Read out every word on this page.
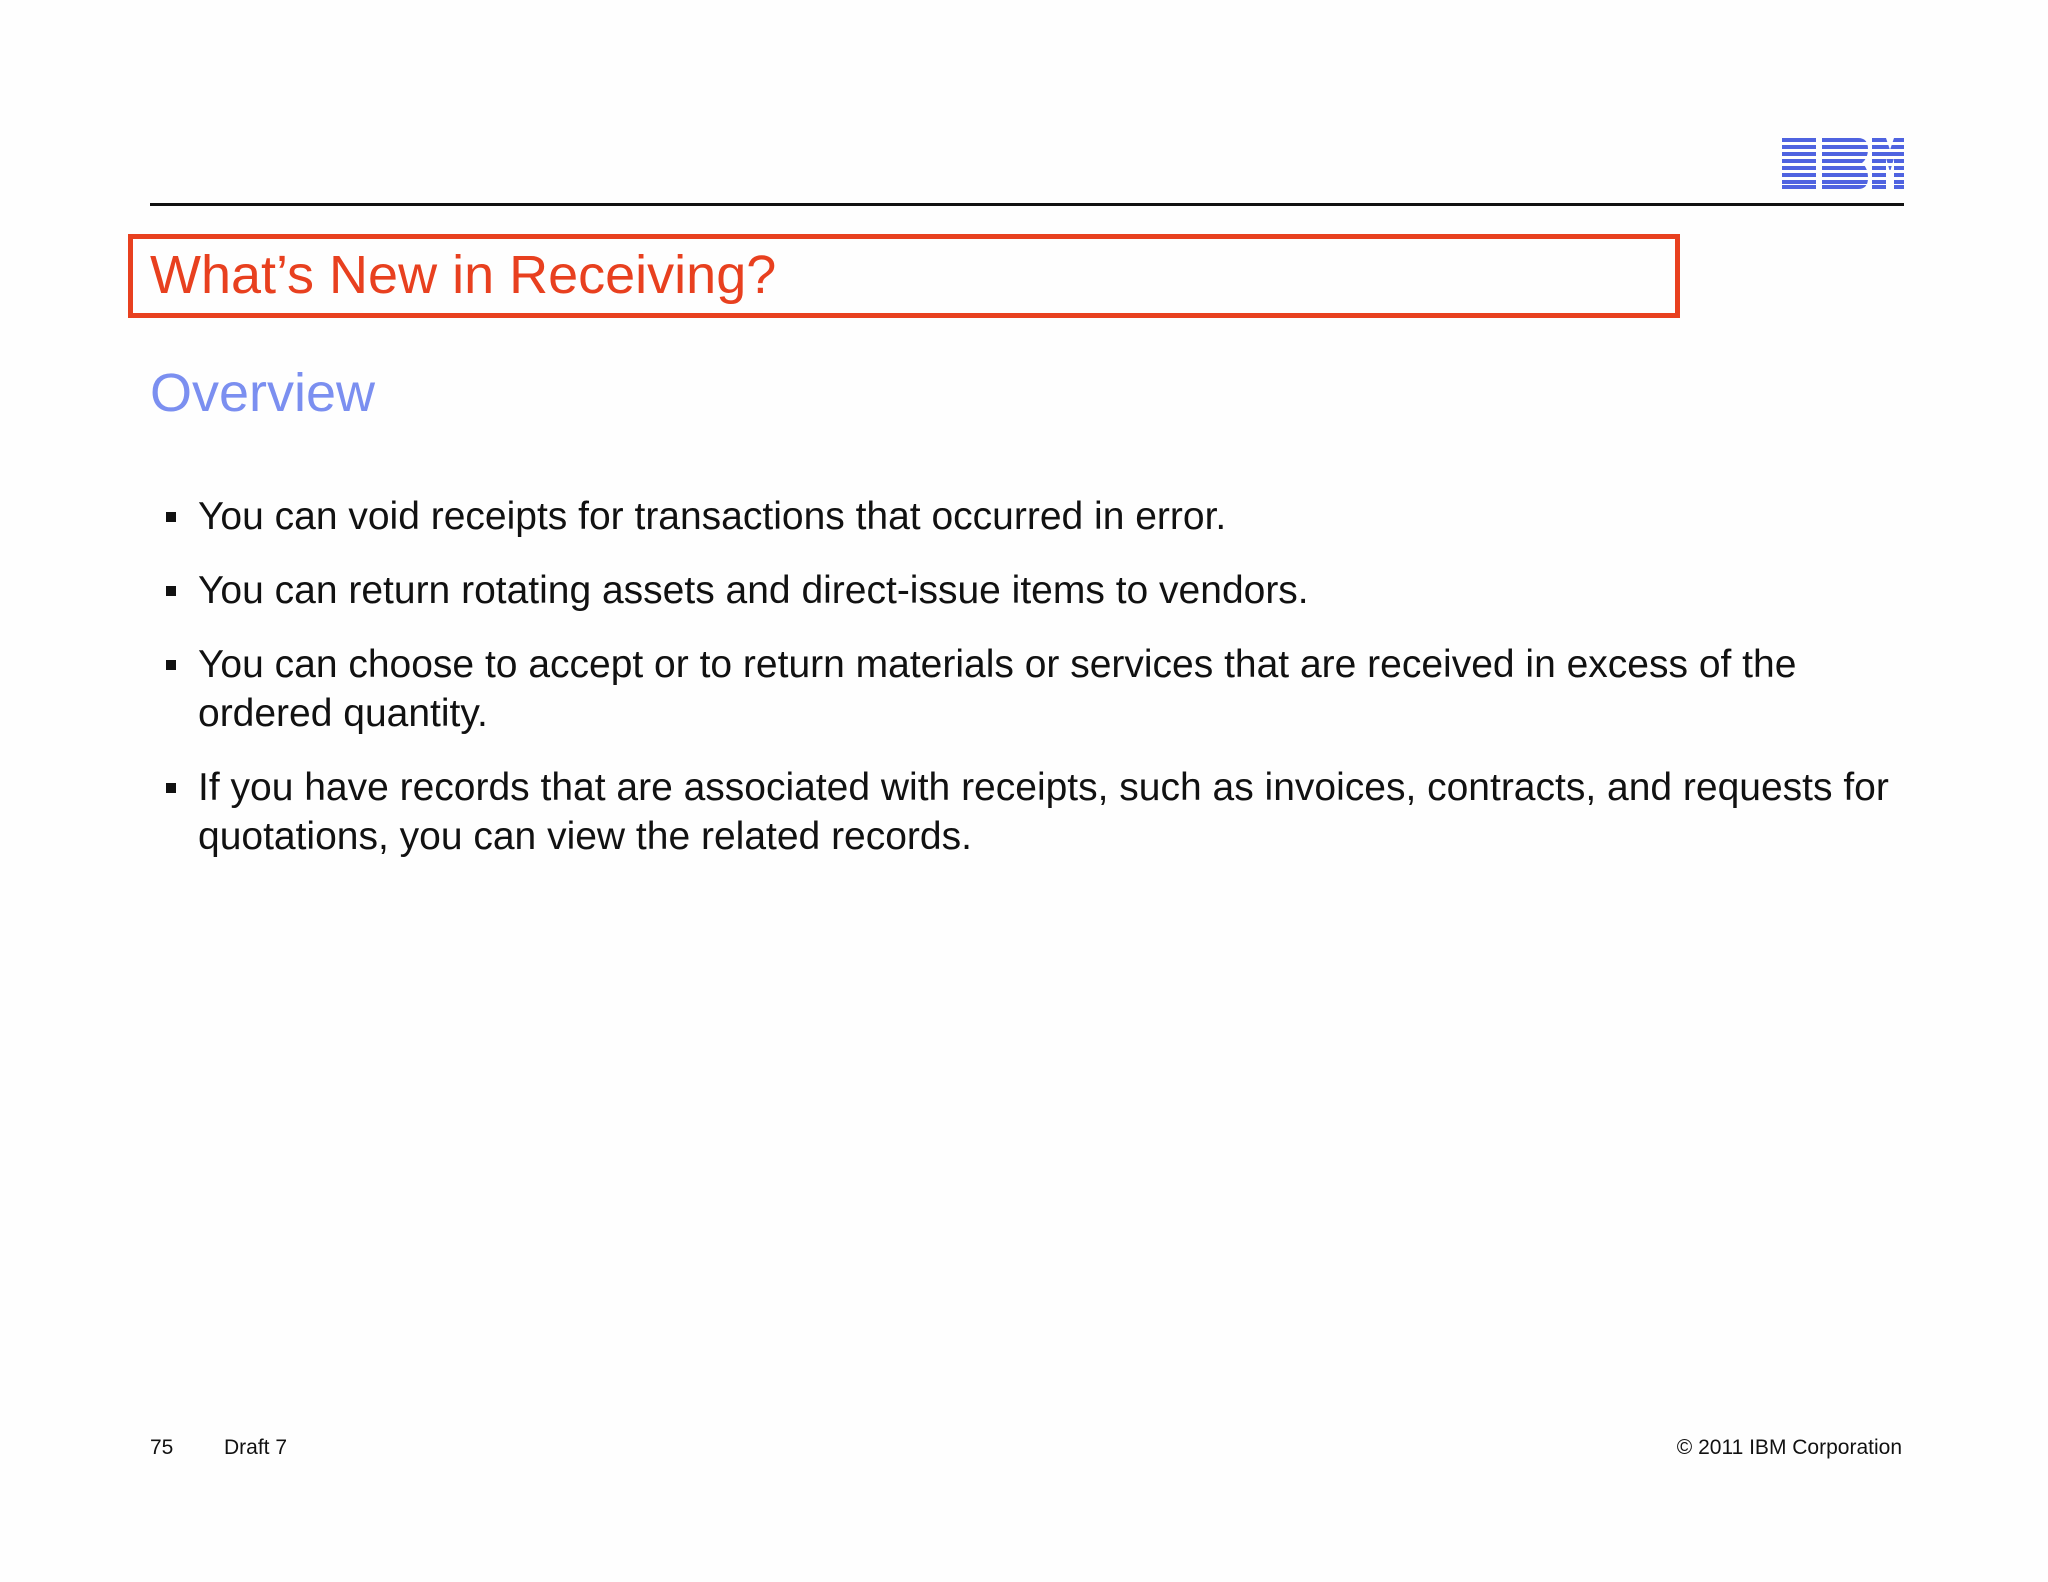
What’s New in Receiving?
Overview
You can void receipts for transactions that occurred in error.
You can return rotating assets and direct-issue items to vendors.
You can choose to accept or to return materials or services that are received in excess of the ordered quantity.
If you have records that are associated with receipts, such as invoices, contracts, and requests for quotations, you can view the related records.
75 Draft 7	© 2011 IBM Corporation
